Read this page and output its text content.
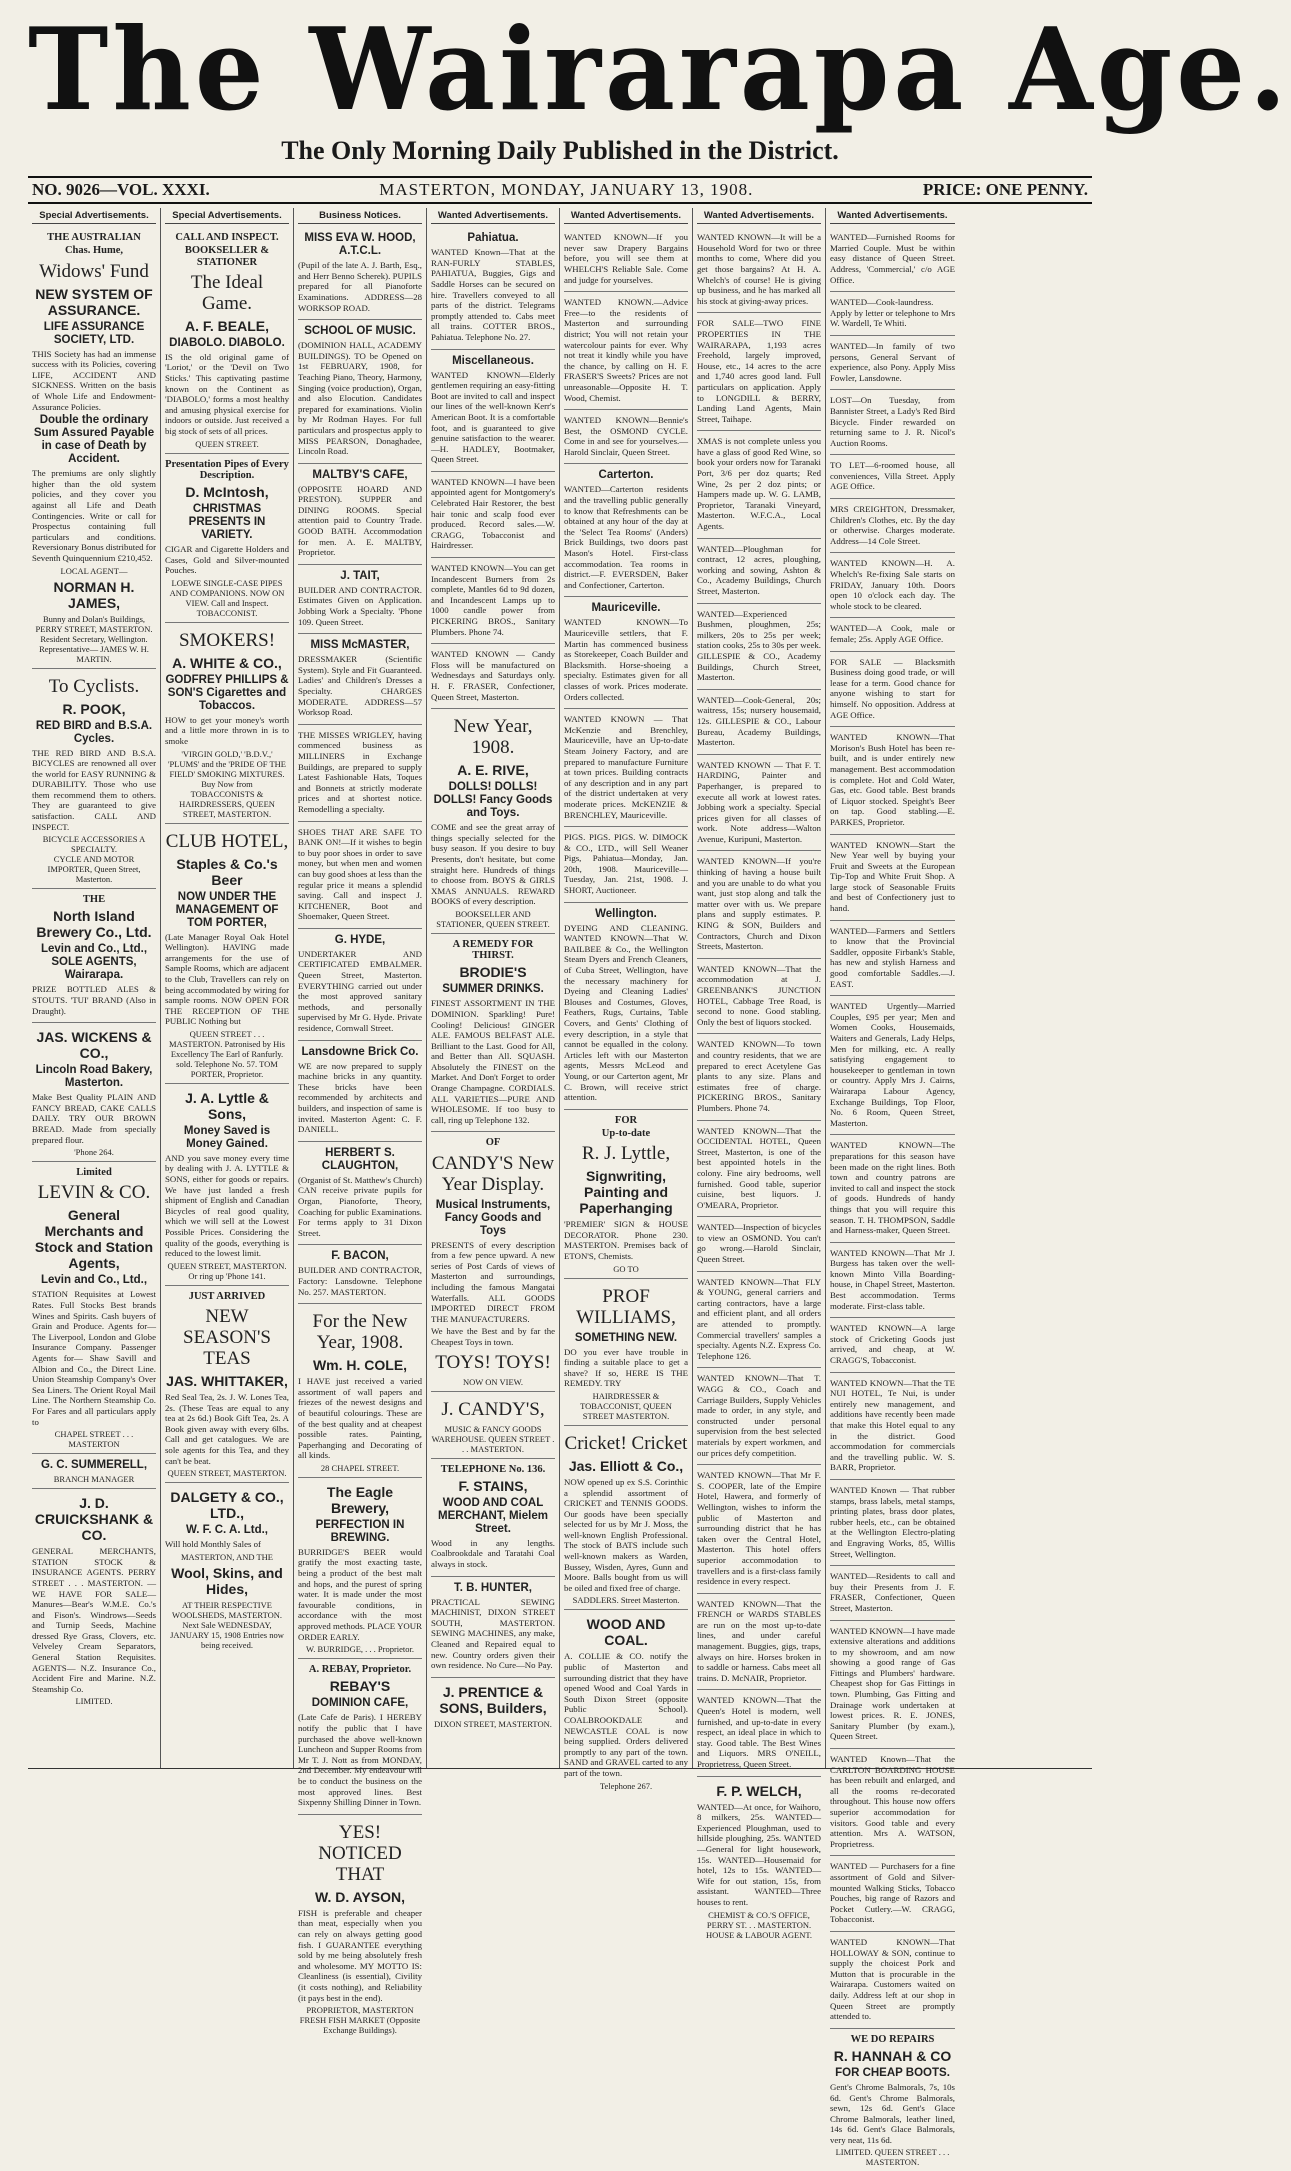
The Wairarapa Age.
The Only Morning Daily Published in the District.
NO. 9026—VOL. XXXI.	MASTERTON, MONDAY, JANUARY 13, 1908.	PRICE: ONE PENNY.
Special Advertisements.
THE AUSTRALIAN
Chas. Hume,
Widows' Fund
NEW SYSTEM OF ASSURANCE.
LIFE ASSURANCE SOCIETY, LTD.
THIS Society has had an immense success with its Policies, covering LIFE, ACCIDENT AND SICKNESS. Written on the basis of Whole Life and Endowment-Assurance Policies.
Double the ordinary Sum Assured Payable in case of Death by Accident.
The premiums are only slightly higher than the old system policies, and they cover you against all Life and Death Contingencies. Write or call for Prospectus containing full particulars and conditions. Reversionary Bonus distributed for Seventh Quinquennium £210,452.
LOCAL AGENT—
NORMAN H. JAMES,
Bunny and Dolan's Buildings, PERRY STREET, MASTERTON.
Resident Secretary, Wellington. Representative— JAMES W. H. MARTIN.
To Cyclists.
R. POOK,
RED BIRD and B.S.A. Cycles.
THE RED BIRD AND B.S.A. BICYCLES are renowned all over the world for EASY RUNNING & DURABILITY. Those who use them recommend them to others. They are guaranteed to give satisfaction. CALL AND INSPECT.
BICYCLE ACCESSORIES A SPECIALTY.
CYCLE AND MOTOR IMPORTER, Queen Street, Masterton.
THE
North Island Brewery Co., Ltd.
Levin and Co., Ltd., SOLE AGENTS, Wairarapa.
PRIZE BOTTLED ALES & STOUTS. 'TUI' BRAND (Also in Draught).
JAS. WICKENS & CO.,
Lincoln Road Bakery, Masterton.
Make Best Quality PLAIN AND FANCY BREAD, CAKE CALLS DAILY. TRY OUR BROWN BREAD. Made from specially prepared flour.
'Phone 264.
Limited
LEVIN & CO.
General Merchants and Stock and Station Agents,
Levin and Co., Ltd.,
STATION Requisites at Lowest Rates. Full Stocks Best brands Wines and Spirits. Cash buyers of Grain and Produce. Agents for— The Liverpool, London and Globe Insurance Company. Passenger Agents for— Shaw Savill and Albion and Co., the Direct Line. Union Steamship Company's Over Sea Liners. The Orient Royal Mail Line. The Northern Steamship Co. For Fares and all particulars apply to
CHAPEL STREET . . . MASTERTON
G. C. SUMMERELL,
BRANCH MANAGER
J. D. CRUICKSHANK & CO.
GENERAL MERCHANTS, STATION STOCK & INSURANCE AGENTS. PERRY STREET . . . MASTERTON. —WE HAVE FOR SALE— Manures—Bear's W.M.E. Co.'s and Fison's. Windrows—Seeds and Turnip Seeds, Machine dressed Rye Grass, Clovers, etc. Velveley Cream Separators, General Station Requisites. AGENTS— N.Z. Insurance Co., Accident Fire and Marine. N.Z. Steamship Co.
LIMITED.
Special Advertisements.
CALL AND INSPECT.
BOOKSELLER & STATIONER
The Ideal Game.
A. F. BEALE,
DIABOLO. DIABOLO.
IS the old original game of 'Loriot,' or the 'Devil on Two Sticks.' This captivating pastime known on the Continent as 'DIABOLO,' forms a most healthy and amusing physical exercise for indoors or outside. Just received a big stock of sets of all prices.
QUEEN STREET.
Presentation Pipes of Every Description.
D. McIntosh,
CHRISTMAS PRESENTS IN VARIETY.
CIGAR and Cigarette Holders and Cases, Gold and Silver-mounted Pouches.
LOEWE SINGLE-CASE PIPES AND COMPANIONS. NOW ON VIEW. Call and Inspect.
TOBACCONIST.
SMOKERS!
A. WHITE & CO.,
GODFREY PHILLIPS & SON'S Cigarettes and Tobaccos.
HOW to get your money's worth and a little more thrown in is to smoke
'VIRGIN GOLD,' 'B.D.V.,' 'PLUMS' and the 'PRIDE OF THE FIELD' SMOKING MIXTURES. Buy Now from
TOBACCONISTS & HAIRDRESSERS, QUEEN STREET, MASTERTON.
CLUB HOTEL,
Staples & Co.'s Beer
NOW UNDER THE MANAGEMENT OF TOM PORTER,
(Late Manager Royal Oak Hotel Wellington). HAVING made arrangements for the use of Sample Rooms, which are adjacent to the Club, Travellers can rely on being accommodated by wiring for sample rooms. NOW OPEN FOR THE RECEPTION OF THE PUBLIC Nothing but
QUEEN STREET . . . MASTERTON. Patronised by His Excellency The Earl of Ranfurly.
sold. Telephone No. 57. TOM PORTER, Proprietor.
J. A. Lyttle & Sons,
Money Saved is Money Gained.
AND you save money every time by dealing with J. A. LYTTLE & SONS, either for goods or repairs. We have just landed a fresh shipment of English and Canadian Bicycles of real good quality, which we will sell at the Lowest Possible Prices. Considering the quality of the goods, everything is reduced to the lowest limit.
QUEEN STREET, MASTERTON. Or ring up 'Phone 141.
JUST ARRIVED
NEW SEASON'S TEAS
JAS. WHITTAKER,
Red Seal Tea, 2s. J. W. Lones Tea, 2s. (These Teas are equal to any tea at 2s 6d.) Book Gift Tea, 2s. A Book given away with every 6lbs. Call and get catalogues. We are sole agents for this Tea, and they can't be beat.
QUEEN STREET, MASTERTON.
DALGETY & CO., LTD.,
W. F. C. A. Ltd.,
Will hold Monthly Sales of
MASTERTON, AND THE
Wool, Skins, and Hides,
AT THEIR RESPECTIVE WOOLSHEDS, MASTERTON. Next Sale WEDNESDAY, JANUARY 15, 1908 Entries now being received.
Business Notices.
MISS EVA W. HOOD, A.T.C.L.
(Pupil of the late A. J. Barth, Esq., and Herr Benno Scherek). PUPILS prepared for all Pianoforte Examinations. ADDRESS—28 WORKSOP ROAD.
SCHOOL OF MUSIC.
(DOMINION HALL, ACADEMY BUILDINGS). TO be Opened on 1st FEBRUARY, 1908, for Teaching Piano, Theory, Harmony, Singing (voice production), Organ, and also Elocution. Candidates prepared for examinations. Violin by Mr Rodman Hayes. For full particulars and prospectus apply to MISS PEARSON, Donaghadee, Lincoln Road.
MALTBY'S CAFE,
(OPPOSITE HOARD AND PRESTON). SUPPER and DINING ROOMS. Special attention paid to Country Trade. GOOD BATH. Accommodation for men. A. E. MALTBY, Proprietor.
J. TAIT,
BUILDER AND CONTRACTOR. Estimates Given on Application. Jobbing Work a Specialty. 'Phone 109. Queen Street.
MISS McMASTER,
DRESSMAKER (Scientific System). Style and Fit Guaranteed. Ladies' and Children's Dresses a Specialty. CHARGES MODERATE. ADDRESS—57 Worksop Road.
THE MISSES WRIGLEY, having commenced business as MILLINERS in Exchange Buildings, are prepared to supply Latest Fashionable Hats, Toques and Bonnets at strictly moderate prices and at shortest notice. Remodelling a specialty.
SHOES THAT ARE SAFE TO BANK ON!—If it wishes to begin to buy poor shoes in order to save money, but when men and women can buy good shoes at less than the regular price it means a splendid saving. Call and inspect J. KITCHENER, Boot and Shoemaker, Queen Street.
G. HYDE,
UNDERTAKER AND CERTIFICATED EMBALMER. Queen Street, Masterton. EVERYTHING carried out under the most approved sanitary methods, and personally supervised by Mr G. Hyde. Private residence, Cornwall Street.
Lansdowne Brick Co.
WE are now prepared to supply machine bricks in any quantity. These bricks have been recommended by architects and builders, and inspection of same is invited. Masterton Agent: C. F. DANIELL.
HERBERT S. CLAUGHTON,
(Organist of St. Matthew's Church) CAN receive private pupils for Organ, Pianoforte, Theory, Coaching for public Examinations. For terms apply to 31 Dixon Street.
F. BACON,
BUILDER AND CONTRACTOR, Factory: Lansdowne. Telephone No. 257. MASTERTON.
For the New Year, 1908.
Wm. H. COLE,
I HAVE just received a varied assortment of wall papers and friezes of the newest designs and of beautiful colourings. These are of the best quality and at cheapest possible rates. Painting, Paperhanging and Decorating of all kinds.
28 CHAPEL STREET.
The Eagle Brewery,
PERFECTION IN BREWING.
BURRIDGE'S BEER would gratify the most exacting taste, being a product of the best malt and hops, and the purest of spring water. It is made under the most favourable conditions, in accordance with the most approved methods. PLACE YOUR ORDER EARLY.
W. BURRIDGE, . . . Proprietor.
A. REBAY, Proprietor.
REBAY'S
DOMINION CAFE,
(Late Cafe de Paris). I HEREBY notify the public that I have purchased the above well-known Luncheon and Supper Rooms from Mr T. J. Nott as from MONDAY, 2nd December. My endeavour will be to conduct the business on the most approved lines. Best Sixpenny Shilling Dinner in Town.
YES! NOTICED THAT
W. D. AYSON,
FISH is preferable and cheaper than meat, especially when you can rely on always getting good fish. I GUARANTEE everything sold by me being absolutely fresh and wholesome. MY MOTTO IS: Cleanliness (is essential), Civility (it costs nothing), and Reliability (it pays best in the end).
PROPRIETOR, MASTERTON FRESH FISH MARKET (Opposite Exchange Buildings).
Wanted Advertisements.
Pahiatua.
WANTED Known—That at the RAN-FURLY STABLES, PAHIATUA, Buggies, Gigs and Saddle Horses can be secured on hire. Travellers conveyed to all parts of the district. Telegrams promptly attended to. Cabs meet all trains. COTTER BROS., Pahiatua. Telephone No. 27.
Miscellaneous.
WANTED KNOWN—Elderly gentlemen requiring an easy-fitting Boot are invited to call and inspect our lines of the well-known Kerr's American Boot. It is a comfortable foot, and is guaranteed to give genuine satisfaction to the wearer.—H. HADLEY, Bootmaker, Queen Street.
WANTED KNOWN—I have been appointed agent for Montgomery's Celebrated Hair Restorer, the best hair tonic and scalp food ever produced. Record sales.—W. CRAGG, Tobacconist and Hairdresser.
WANTED KNOWN—You can get Incandescent Burners from 2s complete, Mantles 6d to 9d dozen, and Incandescent Lamps up to 1000 candle power from PICKERING BROS., Sanitary Plumbers. Phone 74.
WANTED KNOWN — Candy Floss will be manufactured on Wednesdays and Saturdays only. H. F. FRASER, Confectioner, Queen Street, Masterton.
New Year, 1908.
A. E. RIVE,
DOLLS! DOLLS! DOLLS! Fancy Goods and Toys.
COME and see the great array of things specially selected for the busy season. If you desire to buy Presents, don't hesitate, but come straight here. Hundreds of things to choose from. BOYS & GIRLS XMAS ANNUALS. REWARD BOOKS of every description.
BOOKSELLER AND STATIONER, QUEEN STREET.
A REMEDY FOR THIRST.
BRODIE'S
SUMMER DRINKS.
FINEST ASSORTMENT IN THE DOMINION. Sparkling! Pure! Cooling! Delicious! GINGER ALE. FAMOUS BELFAST ALE. Brilliant to the Last. Good for All, and Better than All. SQUASH. Absolutely the FINEST on the Market. And Don't Forget to order Orange Champagne. CORDIALS. ALL VARIETIES—PURE AND WHOLESOME. If too busy to call, ring up Telephone 132.
OF
CANDY'S New Year Display.
Musical Instruments, Fancy Goods and Toys
PRESENTS of every description from a few pence upward. A new series of Post Cards of views of Masterton and surroundings, including the famous Mangatai Waterfalls. ALL GOODS IMPORTED DIRECT FROM THE MANUFACTURERS.
We have the Best and by far the Cheapest Toys in town.
TOYS! TOYS!
NOW ON VIEW.
J. CANDY'S,
MUSIC & FANCY GOODS WAREHOUSE. QUEEN STREET . . . MASTERTON.
TELEPHONE No. 136.
F. STAINS,
WOOD AND COAL MERCHANT, Mielem Street.
Wood in any lengths. Coalbrookdale and Taratahi Coal always in stock.
T. B. HUNTER,
PRACTICAL SEWING MACHINIST, DIXON STREET SOUTH, MASTERTON. SEWING MACHINES, any make, Cleaned and Repaired equal to new. Country orders given their own residence. No Cure—No Pay.
J. PRENTICE & SONS, Builders,
DIXON STREET, MASTERTON.
Wanted Advertisements.
WANTED KNOWN—If you never saw Drapery Bargains before, you will see them at WHELCH'S Reliable Sale. Come and judge for yourselves.
WANTED KNOWN.—Advice Free—to the residents of Masterton and surrounding district; You will not retain your watercolour paints for ever. Why not treat it kindly while you have the chance, by calling on H. F. FRASER'S Sweets? Prices are not unreasonable—Opposite H. T. Wood, Chemist.
WANTED KNOWN—Bennie's Best, the OSMOND CYCLE. Come in and see for yourselves.—Harold Sinclair, Queen Street.
Carterton.
WANTED—Carterton residents and the travelling public generally to know that Refreshments can be obtained at any hour of the day at the 'Select Tea Rooms' (Anders) Brick Buildings, two doors past Mason's Hotel. First-class accommodation. Tea rooms in district.—F. EVERSDEN, Baker and Confectioner, Carterton.
Mauriceville.
WANTED KNOWN—To Mauriceville settlers, that F. Martin has commenced business as Storekeeper, Coach Builder and Blacksmith. Horse-shoeing a specialty. Estimates given for all classes of work. Prices moderate. Orders collected.
WANTED KNOWN — That McKenzie and Brenchley, Mauriceville, have an Up-to-date Steam Joinery Factory, and are prepared to manufacture Furniture at town prices. Building contracts of any description and in any part of the district undertaken at very moderate prices. McKENZIE & BRENCHLEY, Mauriceville.
PIGS. PIGS. PIGS. W. DIMOCK & CO., LTD., will Sell Weaner Pigs, Pahiatua—Monday, Jan. 20th, 1908. Mauriceville—Tuesday, Jan. 21st, 1908. J. SHORT, Auctioneer.
Wellington.
DYEING AND CLEANING. WANTED KNOWN—That W. BAILBEE & Co., the Wellington Steam Dyers and French Cleaners, of Cuba Street, Wellington, have the necessary machinery for Dyeing and Cleaning Ladies' Blouses and Costumes, Gloves, Feathers, Rugs, Curtains, Table Covers, and Gents' Clothing of every description, in a style that cannot be equalled in the colony. Articles left with our Masterton agents, Messrs McLeod and Young, or our Carterton agent, Mr C. Brown, will receive strict attention.
FOR
Up-to-date
R. J. Lyttle,
Signwriting, Painting and Paperhanging
'PREMIER' SIGN & HOUSE DECORATOR. Phone 230. MASTERTON. Premises back of ETON'S, Chemists.
GO TO
PROF WILLIAMS,
SOMETHING NEW.
DO you ever have trouble in finding a suitable place to get a shave? If so, HERE IS THE REMEDY. TRY
HAIRDRESSER & TOBACCONIST, QUEEN STREET MASTERTON.
Cricket! Cricket
Jas. Elliott & Co.,
NOW opened up ex S.S. Corinthic a splendid assortment of CRICKET and TENNIS GOODS. Our goods have been specially selected for us by Mr J. Moss, the well-known English Professional. The stock of BATS include such well-known makers as Warden, Bussey, Wisden, Ayres, Gunn and Moore. Balls bought from us will be oiled and fixed free of charge.
SADDLERS. Street Masterton.
WOOD AND COAL.
A. COLLIE & CO. notify the public of Masterton and surrounding district that they have opened Wood and Coal Yards in South Dixon Street (opposite Public School). COALBROOKDALE and NEWCASTLE COAL is now being supplied. Orders delivered promptly to any part of the town. SAND and GRAVEL carted to any part of the town.
Telephone 267.
Wanted Advertisements.
WANTED KNOWN—It will be a Household Word for two or three months to come, Where did you get those bargains? At H. A. Whelch's of course! He is giving up business, and he has marked all his stock at giving-away prices.
FOR SALE—TWO FINE PROPERTIES IN THE WAIRARAPA, 1,193 acres Freehold, largely improved, House, etc., 14 acres to the acre and 1,740 acres good land. Full particulars on application. Apply to LONGDILL & BERRY, Landing Land Agents, Main Street, Taihape.
XMAS is not complete unless you have a glass of good Red Wine, so book your orders now for Taranaki Port, 3/6 per doz quarts; Red Wine, 2s per 2 doz pints; or Hampers made up. W. G. LAMB, Proprietor, Taranaki Vineyard, Masterton. W.F.C.A., Local Agents.
WANTED—Ploughman for contract, 12 acres, ploughing, working and sowing, Ashton & Co., Academy Buildings, Church Street, Masterton.
WANTED—Experienced Bushmen, ploughmen, 25s; milkers, 20s to 25s per week; station cooks, 25s to 30s per week. GILLESPIE & CO., Academy Buildings, Church Street, Masterton.
WANTED—Cook-General, 20s; waitress, 15s; nursery housemaid, 12s. GILLESPIE & CO., Labour Bureau, Academy Buildings, Masterton.
WANTED KNOWN — That F. T. HARDING, Painter and Paperhanger, is prepared to execute all work at lowest rates. Jobbing work a specialty. Special prices given for all classes of work. Note address—Walton Avenue, Kuripuni, Masterton.
WANTED KNOWN—If you're thinking of having a house built and you are unable to do what you want, just stop along and talk the matter over with us. We prepare plans and supply estimates. P. KING & SON, Builders and Contractors, Church and Dixon Streets, Masterton.
WANTED KNOWN—That the accommodation at J. GREENBANK'S JUNCTION HOTEL, Cabbage Tree Road, is second to none. Good stabling. Only the best of liquors stocked.
WANTED KNOWN—To town and country residents, that we are prepared to erect Acetylene Gas plants to any size. Plans and estimates free of charge. PICKERING BROS., Sanitary Plumbers. Phone 74.
WANTED KNOWN—That the OCCIDENTAL HOTEL, Queen Street, Masterton, is one of the best appointed hotels in the colony. Fine airy bedrooms, well furnished. Good table, superior cuisine, best liquors. J. O'MEARA, Proprietor.
WANTED—Inspection of bicycles to view an OSMOND. You can't go wrong.—Harold Sinclair, Queen Street.
WANTED KNOWN—That FLY & YOUNG, general carriers and carting contractors, have a large and efficient plant, and all orders are attended to promptly. Commercial travellers' samples a specialty. Agents N.Z. Express Co. Telephone 126.
WANTED KNOWN—That T. WAGG & CO., Coach and Carriage Builders, Supply Vehicles made to order, in any style, and constructed under personal supervision from the best selected materials by expert workmen, and our prices defy competition.
WANTED KNOWN—That Mr F. S. COOPER, late of the Empire Hotel, Hawera, and formerly of Wellington, wishes to inform the public of Masterton and surrounding district that he has taken over the Central Hotel, Masterton. This hotel offers superior accommodation to travellers and is a first-class family residence in every respect.
WANTED KNOWN—That the FRENCH or WARDS STABLES are run on the most up-to-date lines, and under careful management. Buggies, gigs, traps, always on hire. Horses broken in to saddle or harness. Cabs meet all trains. D. McNAIR, Proprietor.
WANTED KNOWN—That the Queen's Hotel is modern, well furnished, and up-to-date in every respect, an ideal place in which to stay. Good table. The Best Wines and Liquors. MRS O'NEILL, Proprietress, Queen Street.
F. P. WELCH,
WANTED—At once, for Waihoro, 8 milkers, 25s. WANTED—Experienced Ploughman, used to hillside ploughing, 25s. WANTED—General for light housework, 15s. WANTED—Housemaid for hotel, 12s to 15s. WANTED—Wife for out station, 15s, from assistant. WANTED—Three houses to rent.
CHEMIST & CO.'S OFFICE, PERRY ST. . . MASTERTON. HOUSE & LABOUR AGENT.
Wanted Advertisements.
WANTED—Furnished Rooms for Married Couple. Must be within easy distance of Queen Street. Address, 'Commercial,' c/o AGE Office.
WANTED—Cook-laundress. Apply by letter or telephone to Mrs W. Wardell, Te Whiti.
WANTED—In family of two persons, General Servant of experience, also Pony. Apply Miss Fowler, Lansdowne.
LOST—On Tuesday, from Bannister Street, a Lady's Red Bird Bicycle. Finder rewarded on returning same to J. R. Nicol's Auction Rooms.
TO LET—6-roomed house, all conveniences, Villa Street. Apply AGE Office.
MRS CREIGHTON, Dressmaker, Children's Clothes, etc. By the day or otherwise. Charges moderate. Address—14 Cole Street.
WANTED KNOWN—H. A. Whelch's Re-fixing Sale starts on FRIDAY, January 10th. Doors open 10 o'clock each day. The whole stock to be cleared.
WANTED—A Cook, male or female; 25s. Apply AGE Office.
FOR SALE — Blacksmith Business doing good trade, or will lease for a term. Good chance for anyone wishing to start for himself. No opposition. Address at AGE Office.
WANTED KNOWN—That Morison's Bush Hotel has been re-built, and is under entirely new management. Best accommodation is complete. Hot and Cold Water, Gas, etc. Good table. Best brands of Liquor stocked. Speight's Beer on tap. Good stabling.—E. PARKES, Proprietor.
WANTED KNOWN—Start the New Year well by buying your Fruit and Sweets at the European Tip-Top and White Fruit Shop. A large stock of Seasonable Fruits and best of Confectionery just to hand.
WANTED—Farmers and Settlers to know that the Provincial Saddler, opposite Firbank's Stable, has new and stylish Harness and good comfortable Saddles.—J. EAST.
WANTED Urgently—Married Couples, £95 per year; Men and Women Cooks, Housemaids, Waiters and Generals, Lady Helps, Men for milking, etc. A really satisfying engagement to housekeeper to gentleman in town or country. Apply Mrs J. Cairns, Wairarapa Labour Agency, Exchange Buildings, Top Floor, No. 6 Room, Queen Street, Masterton.
WANTED KNOWN—The preparations for this season have been made on the right lines. Both town and country patrons are invited to call and inspect the stock of goods. Hundreds of handy things that you will require this season. T. H. THOMPSON, Saddle and Harness-maker, Queen Street.
WANTED KNOWN—That Mr J. Burgess has taken over the well-known Minto Villa Boarding-house, in Chapel Street, Masterton. Best accommodation. Terms moderate. First-class table.
WANTED KNOWN—A large stock of Cricketing Goods just arrived, and cheap, at W. CRAGG'S, Tobacconist.
WANTED KNOWN—That the TE NUI HOTEL, Te Nui, is under entirely new management, and additions have recently been made that make this Hotel equal to any in the district. Good accommodation for commercials and the travelling public. W. S. BARR, Proprietor.
WANTED Known — That rubber stamps, brass labels, metal stamps, printing plates, brass door plates, rubber heels, etc., can be obtained at the Wellington Electro-plating and Engraving Works, 85, Willis Street, Wellington.
WANTED—Residents to call and buy their Presents from J. F. FRASER, Confectioner, Queen Street, Masterton.
WANTED KNOWN—I have made extensive alterations and additions to my showroom, and am now showing a good range of Gas Fittings and Plumbers' hardware. Cheapest shop for Gas Fittings in town. Plumbing, Gas Fitting and Drainage work undertaken at lowest prices. R. E. JONES, Sanitary Plumber (by exam.), Queen Street.
WANTED Known—That the CARLTON BOARDING HOUSE has been rebuilt and enlarged, and all the rooms re-decorated throughout. This house now offers superior accommodation for visitors. Good table and every attention. Mrs A. WATSON, Proprietress.
WANTED — Purchasers for a fine assortment of Gold and Silver-mounted Walking Sticks, Tobacco Pouches, big range of Razors and Pocket Cutlery.—W. CRAGG, Tobacconist.
WANTED KNOWN—That HOLLOWAY & SON, continue to supply the choicest Pork and Mutton that is procurable in the Wairarapa. Customers waited on daily. Address left at our shop in Queen Street are promptly attended to.
WE DO REPAIRS
R. HANNAH & CO
FOR CHEAP BOOTS.
Gent's Chrome Balmorals, 7s, 10s 6d. Gent's Chrome Balmorals, sewn, 12s 6d. Gent's Glace Chrome Balmorals, leather lined, 14s 6d. Gent's Glace Balmorals, very neat, 11s 6d.
LIMITED. QUEEN STREET . . . MASTERTON.
